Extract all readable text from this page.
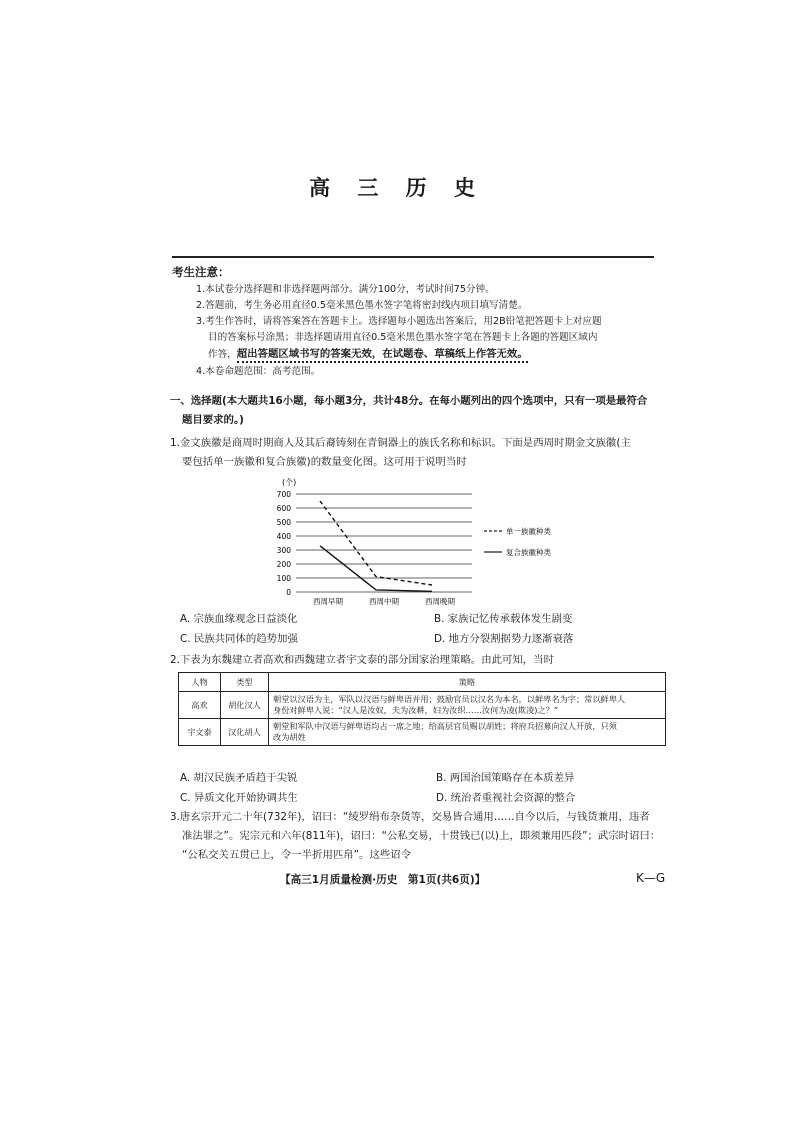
高 三 历 史
考生注意：
1.本试卷分选择题和非选择题两部分。满分100分，考试时间75分钟。
2.答题前，考生务必用直径0.5毫米黑色墨水签字笔将密封线内项目填写清楚。
3.考生作答时，请将答案答在答题卡上。选择题每小题选出答案后，用2B铅笔把答题卡上对应题
目的答案标号涂黑；非选择题请用直径0.5毫米黑色墨水签字笔在答题卡上各题的答题区域内
作答，超出答题区域书写的答案无效，在试题卷、草稿纸上作答无效。
4.本卷命题范围：高考范围。
一、选择题(本大题共16小题，每小题3分，共计48分。在每小题列出的四个选项中，只有一项是最符合
题目要求的。)
1.金文族徽是商周时期商人及其后裔铸刻在青铜器上的族氏名称和标识。下面是西周时期金文族徽(主
要包括单一族徽和复合族徽)的数量变化图。这可用于说明当时
0
100
200
300
400
500
600
700
西周早期	西周中期	西周晚期
(个)
单一族徽种类
复合族徽种类
A. 宗族血缘观念日益淡化	B. 家族记忆传承载体发生剧变
C. 民族共同体的趋势加强	D. 地方分裂割据势力逐渐衰落
2.下表为东魏建立者高欢和西魏建立者宇文泰的部分国家治理策略。由此可知，当时
人物	类型	策略
高欢	胡化汉人	朝堂以汉语为主，军队以汉语与鲜卑语并用；鼓励官员以汉名为本名，以鲜卑名为字；常以鲜卑人
身份对鲜卑人说：“汉人是汝奴，夫为汝耕，妇为汝织……汝何为凌(欺凌)之？”

宇文泰	汉化胡人	朝堂和军队中汉语与鲜卑语均占一席之地；给高层官员赐以胡姓；将府兵招募向汉人开放，只须
改为胡姓
A. 胡汉民族矛盾趋于尖锐	B. 两国治国策略存在本质差异
C. 异质文化开始协调共生	D. 统治者重视社会资源的整合
3.唐玄宗开元二十年(732年)，诏曰：“绫罗绢布杂货等，交易皆合通用……自今以后，与钱货兼用，违者
准法罪之”。宪宗元和六年(811年)，诏曰：“公私交易，十贯钱已(以)上，即须兼用匹段”；武宗时诏曰：
“公私交关五贯已上，令一半折用匹帛”。这些诏令
【高三1月质量检测·历史　第1页(共6页)】	K—G
